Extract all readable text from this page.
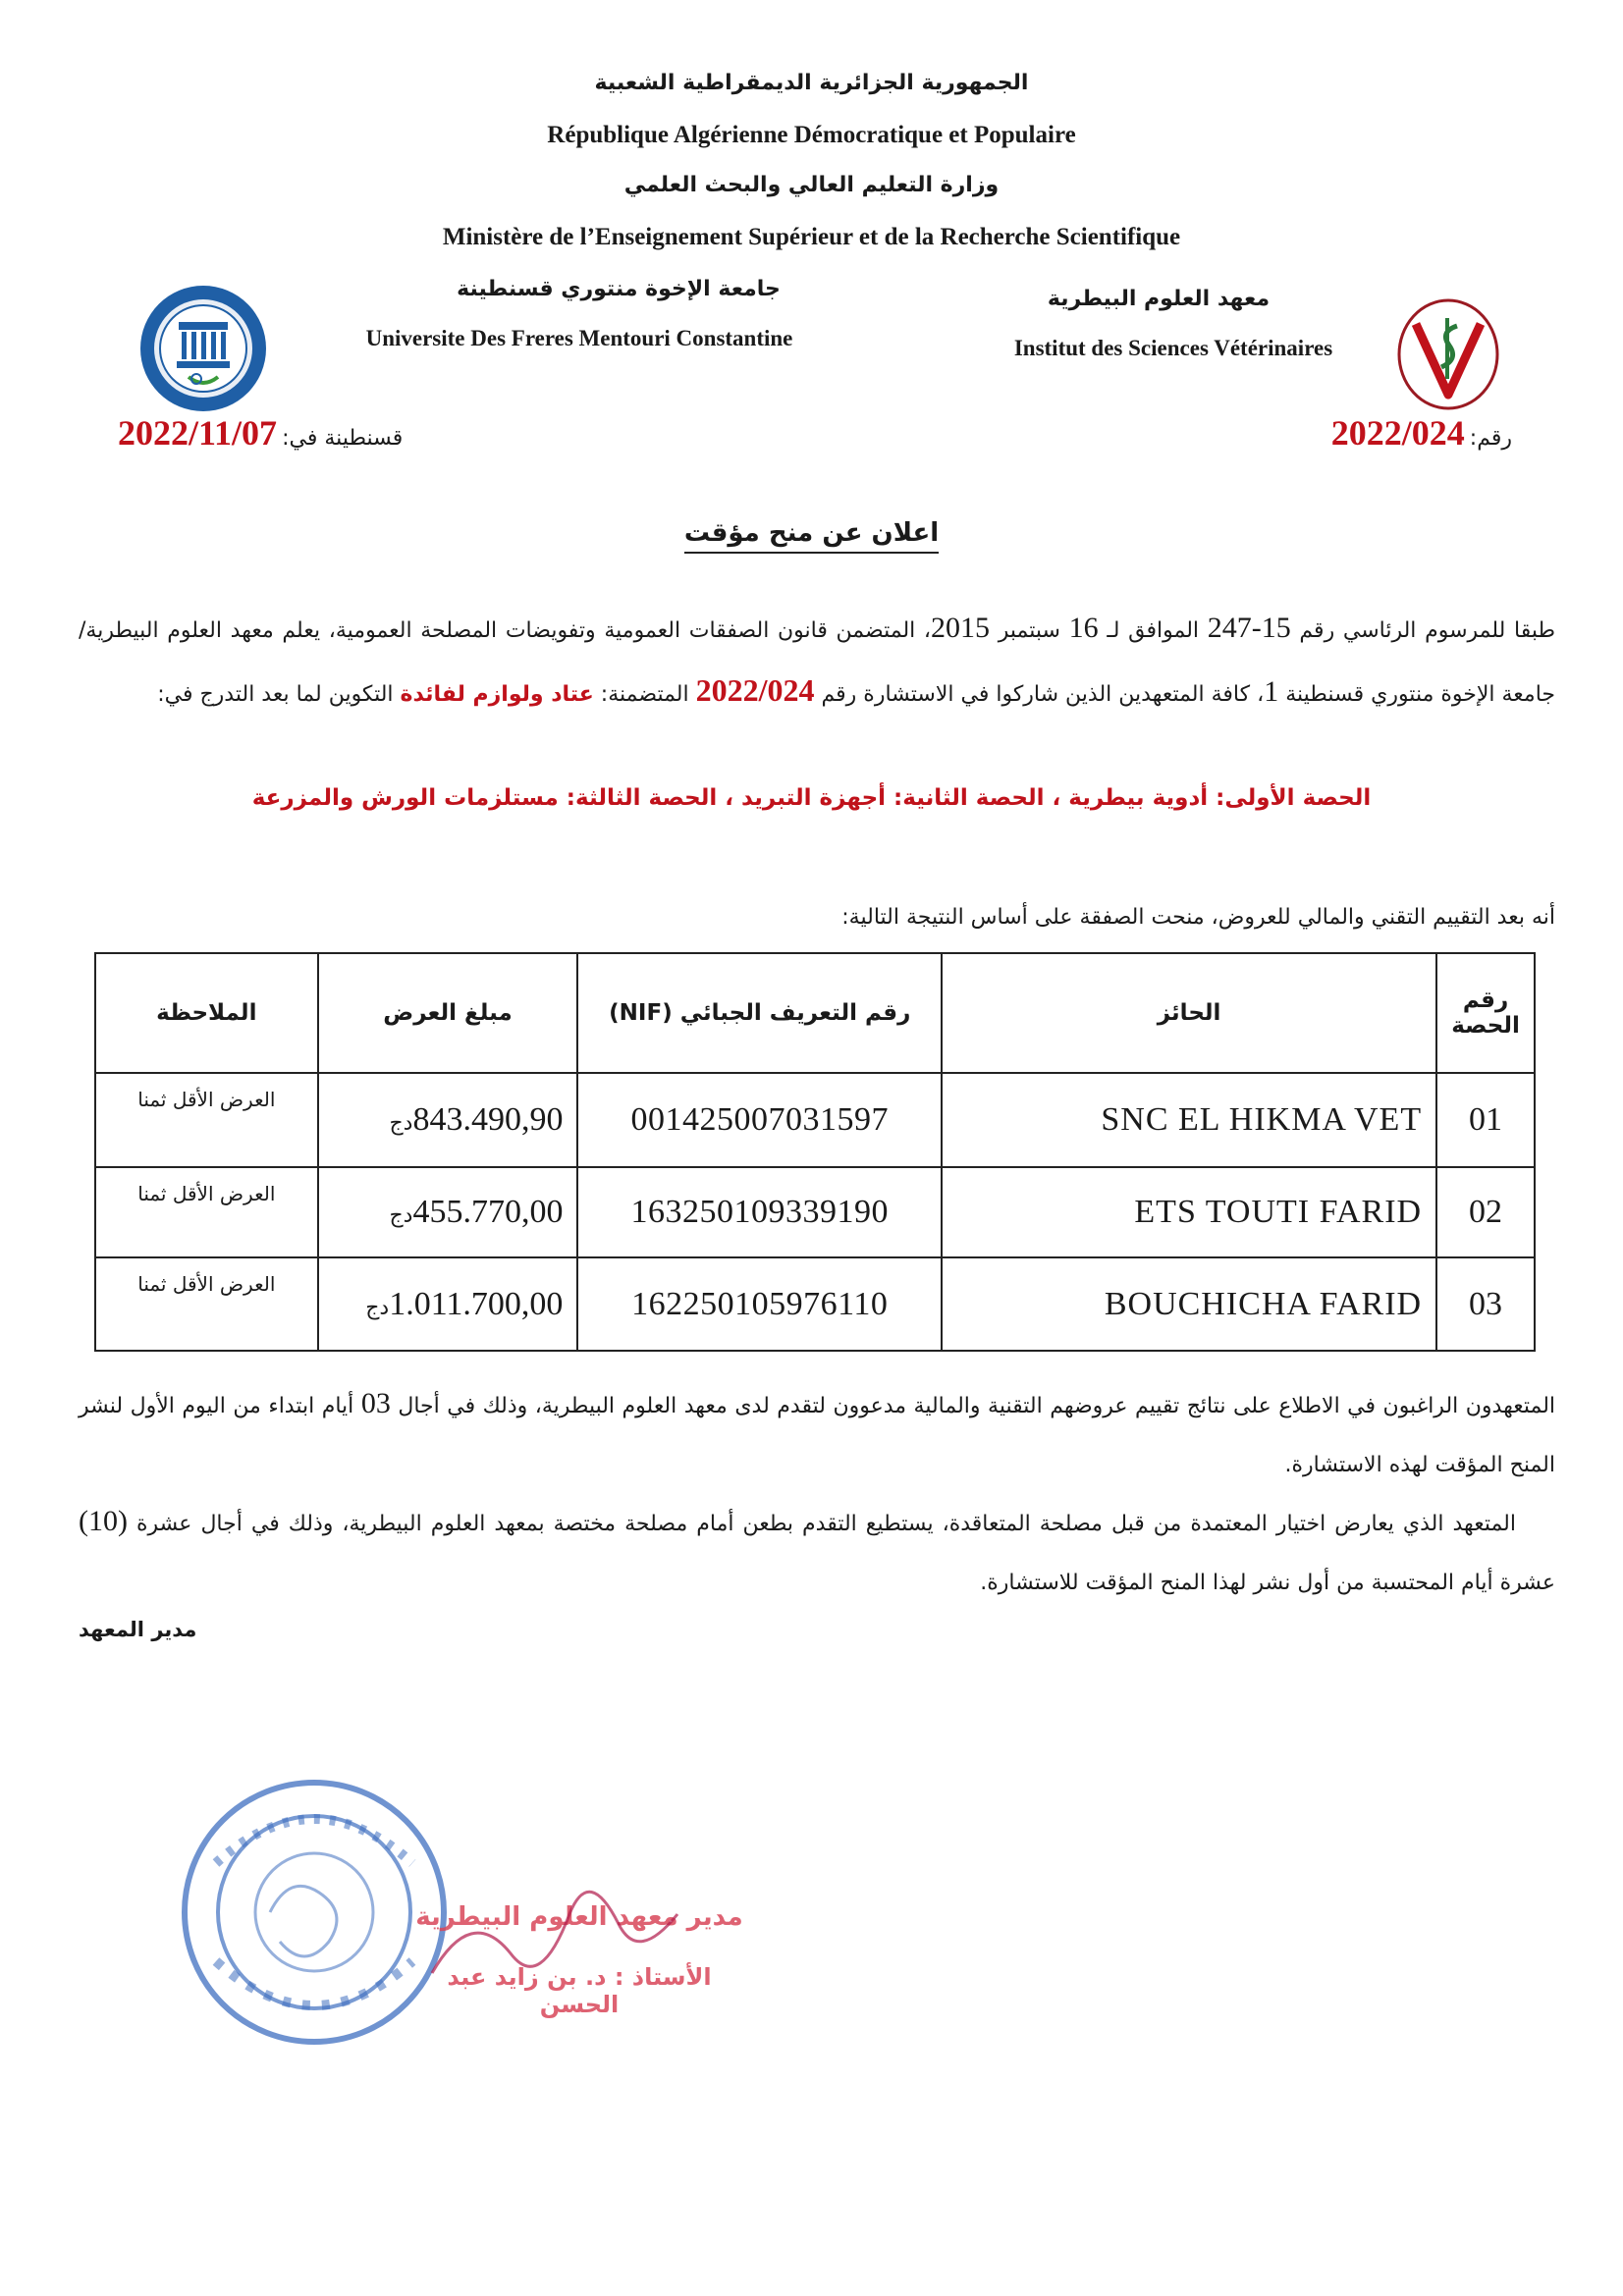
الجمهورية الجزائرية الديمقراطية الشعبية
République Algérienne Démocratique et Populaire
وزارة التعليم العالي والبحث العلمي
Ministère de l’Enseignement Supérieur et de la Recherche Scientifique
جامعة الإخوة منتوري قسنطينة
Universite Des Freres Mentouri Constantine
معهد العلوم البيطرية
Institut des Sciences Vétérinaires
رقم: 2022/024
قسنطينة في: 2022/11/07
اعلان عن منح مؤقت
طبقا للمرسوم الرئاسي رقم 15-247 الموافق لـ 16 سبتمبر 2015، المتضمن قانون الصفقات العمومية وتفويضات المصلحة العمومية، يعلم معهد العلوم البيطرية/ جامعة الإخوة منتوري قسنطينة 1، كافة المتعهدين الذين شاركوا في الاستشارة رقم 2022/024 المتضمنة: عتاد ولوازم لفائدة التكوين لما بعد التدرج في:
الحصة الأولى: أدوية بيطرية ، الحصة الثانية: أجهزة التبريد ، الحصة الثالثة: مستلزمات الورش والمزرعة
أنه بعد التقييم التقني والمالي للعروض، منحت الصفقة على أساس النتيجة التالية:
رقم الحصة	الحائز	رقم التعريف الجبائي (NIF)	مبلغ العرض	الملاحظة
01	SNC EL HIKMA VET	001425007031597	843.490,90دج	العرض الأقل ثمنا
02	ETS TOUTI FARID	163250109339190	455.770,00دج	العرض الأقل ثمنا
03	BOUCHICHA FARID	162250105976110	1.011.700,00دج	العرض الأقل ثمنا
المتعهدون الراغبون في الاطلاع على نتائج تقييم عروضهم التقنية والمالية مدعوون لتقدم لدى معهد العلوم البيطرية، وذلك في أجال 03 أيام ابتداء من اليوم الأول لنشر المنح المؤقت لهذه الاستشارة.
المتعهد الذي يعارض اختيار المعتمدة من قبل مصلحة المتعاقدة، يستطيع التقدم بطعن أمام مصلحة مختصة بمعهد العلوم البيطرية، وذلك في أجال عشرة (10) عشرة أيام المحتسبة من أول نشر لهذا المنح المؤقت للاستشارة.
مدير المعهد
مدير معهد العلوم البيطرية
الأستاذ : د. بن زايد عبد الحسن
